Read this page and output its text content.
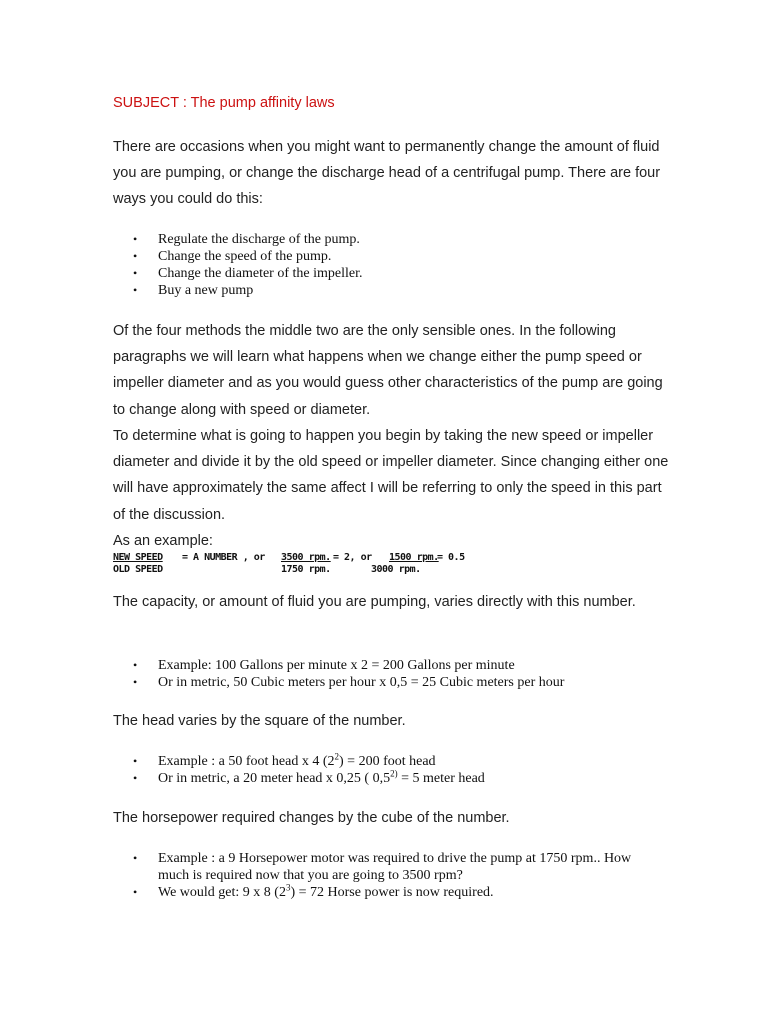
SUBJECT : The pump affinity laws

There are occasions when you might want to permanently change the amount of fluid you are pumping, or change the discharge head of a centrifugal pump. There are four ways you could do this:

• Regulate the discharge of the pump.
• Change the speed of the pump.
• Change the diameter of the impeller.
• Buy a new pump

Of the four methods the middle two are the only sensible ones. In the following paragraphs we will learn what happens when we change either the pump speed or impeller diameter and as you would guess other characteristics of the pump are going to change along with speed or diameter.

To determine what is going to happen you begin by taking the new speed or impeller diameter and divide it by the old speed or impeller diameter. Since changing either one will have approximately the same affect I will be referring to only the speed in this part of the discussion.

As an example:

NEW SPEED = A NUMBER , or 3500 rpm. = 2, or 1500 rpm.
= 0.5
OLD SPEED	1750 rpm.	3000 rpm.

The capacity, or amount of fluid you are pumping, varies directly with this number.

• Example: 100 Gallons per minute x 2 = 200 Gallons per minute
• Or in metric, 50 Cubic meters per hour x 0,5 = 25 Cubic meters per hour

The head varies by the square of the number.

• Example : a 50 foot head x 4 $(2^2) = 200$ foot head
• Or in metric, a 20 meter head x 0,25 ( $0,5^{2)} = 5$ meter head

The horsepower required changes by the cube of the number.

• Example : a 9 Horsepower motor was required to drive the pump at 1750 rpm.. How much is required now that you are going to 3500 rpm?
• We would get: 9 x 8 $(2^3) = 72$ Horse power is now required.
